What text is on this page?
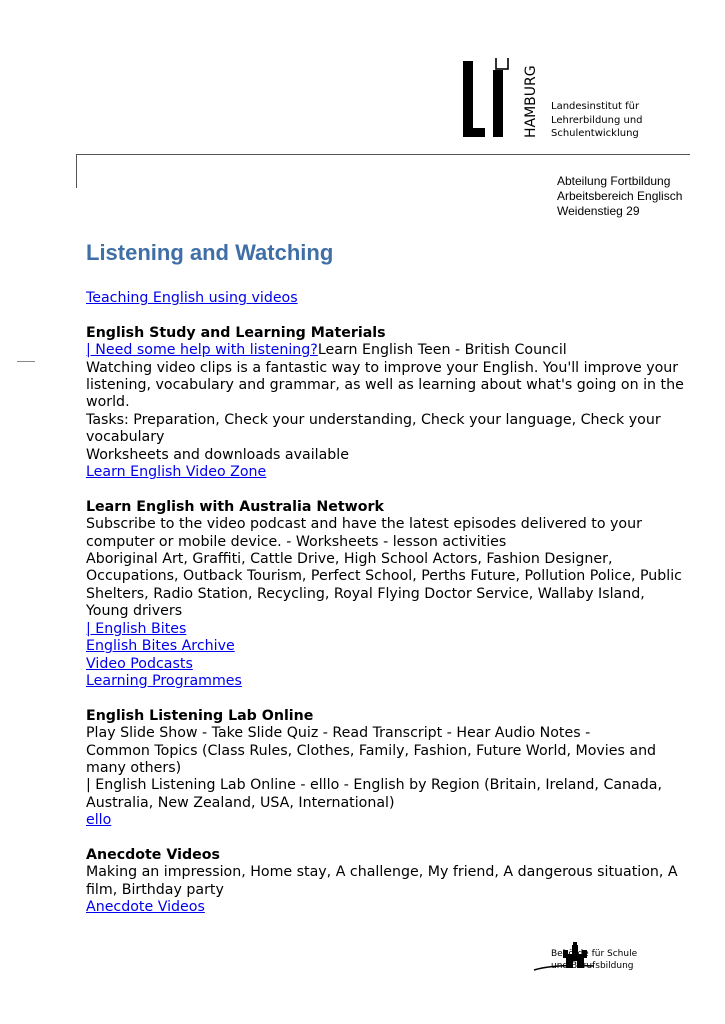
HAMBURG Landesinstitut für
Lehrerbildung und
Schulentwicklung
Abteilung Fortbildung
Arbeitsbereich Englisch
Weidenstieg 29
Listening and Watching
Teaching English using videos
English Study and Learning Materials
| Need some help with listening?Learn English Teen - British Council
Watching video clips is a fantastic way to improve your English. You'll improve your
listening, vocabulary and grammar, as well as learning about what's going on in the
world.
Tasks: Preparation, Check your understanding, Check your language, Check your
vocabulary
Worksheets and downloads available
Learn English Video Zone
Learn English with Australia Network
Subscribe to the video podcast and have the latest episodes delivered to your
computer or mobile device. - Worksheets - lesson activities
Aboriginal Art, Graffiti, Cattle Drive, High School Actors, Fashion Designer,
Occupations, Outback Tourism, Perfect School, Perths Future, Pollution Police, Public
Shelters, Radio Station, Recycling, Royal Flying Doctor Service, Wallaby Island,
Young drivers
| English Bites
English Bites Archive
Video Podcasts
Learning Programmes
English Listening Lab Online
Play Slide Show - Take Slide Quiz - Read Transcript - Hear Audio Notes -
Common Topics (Class Rules, Clothes, Family, Fashion, Future World, Movies and
many others)
| English Listening Lab Online - elllo - English by Region (Britain, Ireland, Canada,
Australia, New Zealand, USA, International)
ello
Anecdote Videos
Making an impression, Home stay, A challenge, My friend, A dangerous situation, A
film, Birthday party
Anecdote Videos
Behörde für Schule
und Berufsbildung
